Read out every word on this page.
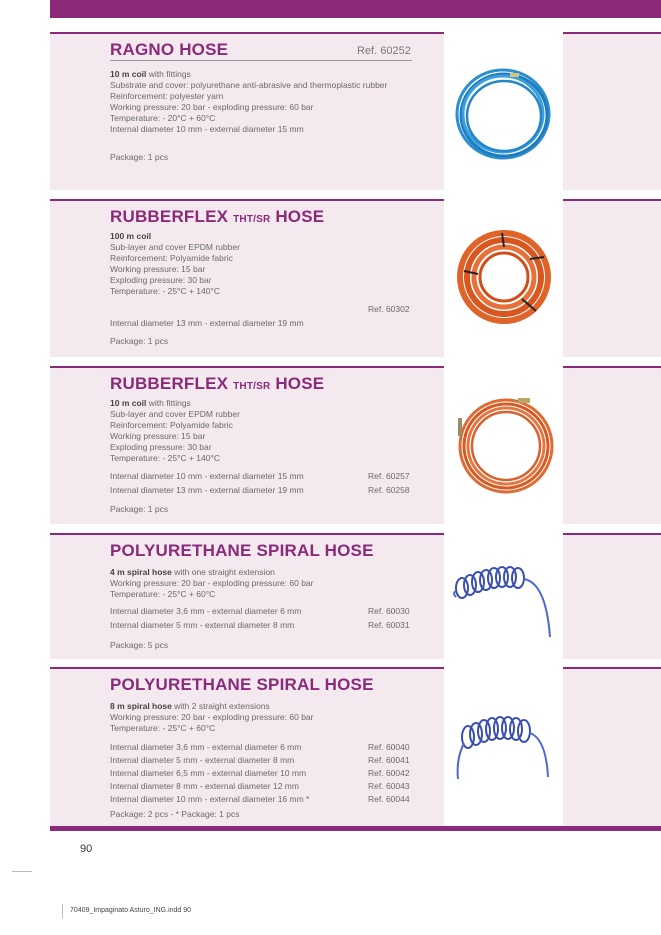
RAGNO HOSE	Ref. 60252
10 m coil with fittings
Substrate and cover: polyurethane anti-abrasive and thermoplastic rubber
Reinforcement: polyester yarn
Working pressure: 20 bar - exploding pressure: 60 bar
Temperature: - 20°C + 60°C
Internal diameter 10 mm - external diameter 15 mm
Package: 1 pcs
RUBBERFLEX THT/SR HOSE
100 m coil
Sub-layer and cover EPDM rubber
Reinforcement: Polyamide fabric
Working pressure: 15 bar
Exploding pressure: 30 bar
Temperature: - 25°C + 140°C
Ref. 60302
Internal diameter 13 mm - external diameter 19 mm
Package: 1 pcs
RUBBERFLEX THT/SR HOSE
10 m coil with fittings
Sub-layer and cover EPDM rubber
Reinforcement: Polyamide fabric
Working pressure: 15 bar
Exploding pressure: 30 bar
Temperature: - 25°C + 140°C
Internal diameter 10 mm - external diameter 15 mm	Ref. 60257
Internal diameter 13 mm - external diameter 19 mm	Ref. 60258
Package: 1 pcs
POLYURETHANE SPIRAL HOSE
4 m spiral hose with one straight extension
Working pressure: 20 bar - exploding pressure: 60 bar
Temperature: - 25°C + 60°C
Internal diameter 3,6 mm - external diameter 6 mm	Ref. 60030
Internal diameter 5 mm - external diameter 8 mm	Ref. 60031
Package: 5 pcs
POLYURETHANE SPIRAL HOSE
8 m spiral hose with 2 straight extensions
Working pressure: 20 bar - exploding pressure: 60 bar
Temperature: - 25°C + 60°C
Internal diameter 3,6 mm - external diameter 6 mm	Ref. 60040
Internal diameter 5 mm - external diameter 8 mm	Ref. 60041
Internal diameter 6,5 mm - external diameter 10 mm	Ref. 60042
Internal diameter 8 mm - external diameter 12 mm	Ref. 60043
Internal diameter 10 mm - external diameter 16 mm *	Ref. 60044
Package: 2 pcs - * Package: 1 pcs
90
70409_Impaginato Asturo_ING.indd 90
